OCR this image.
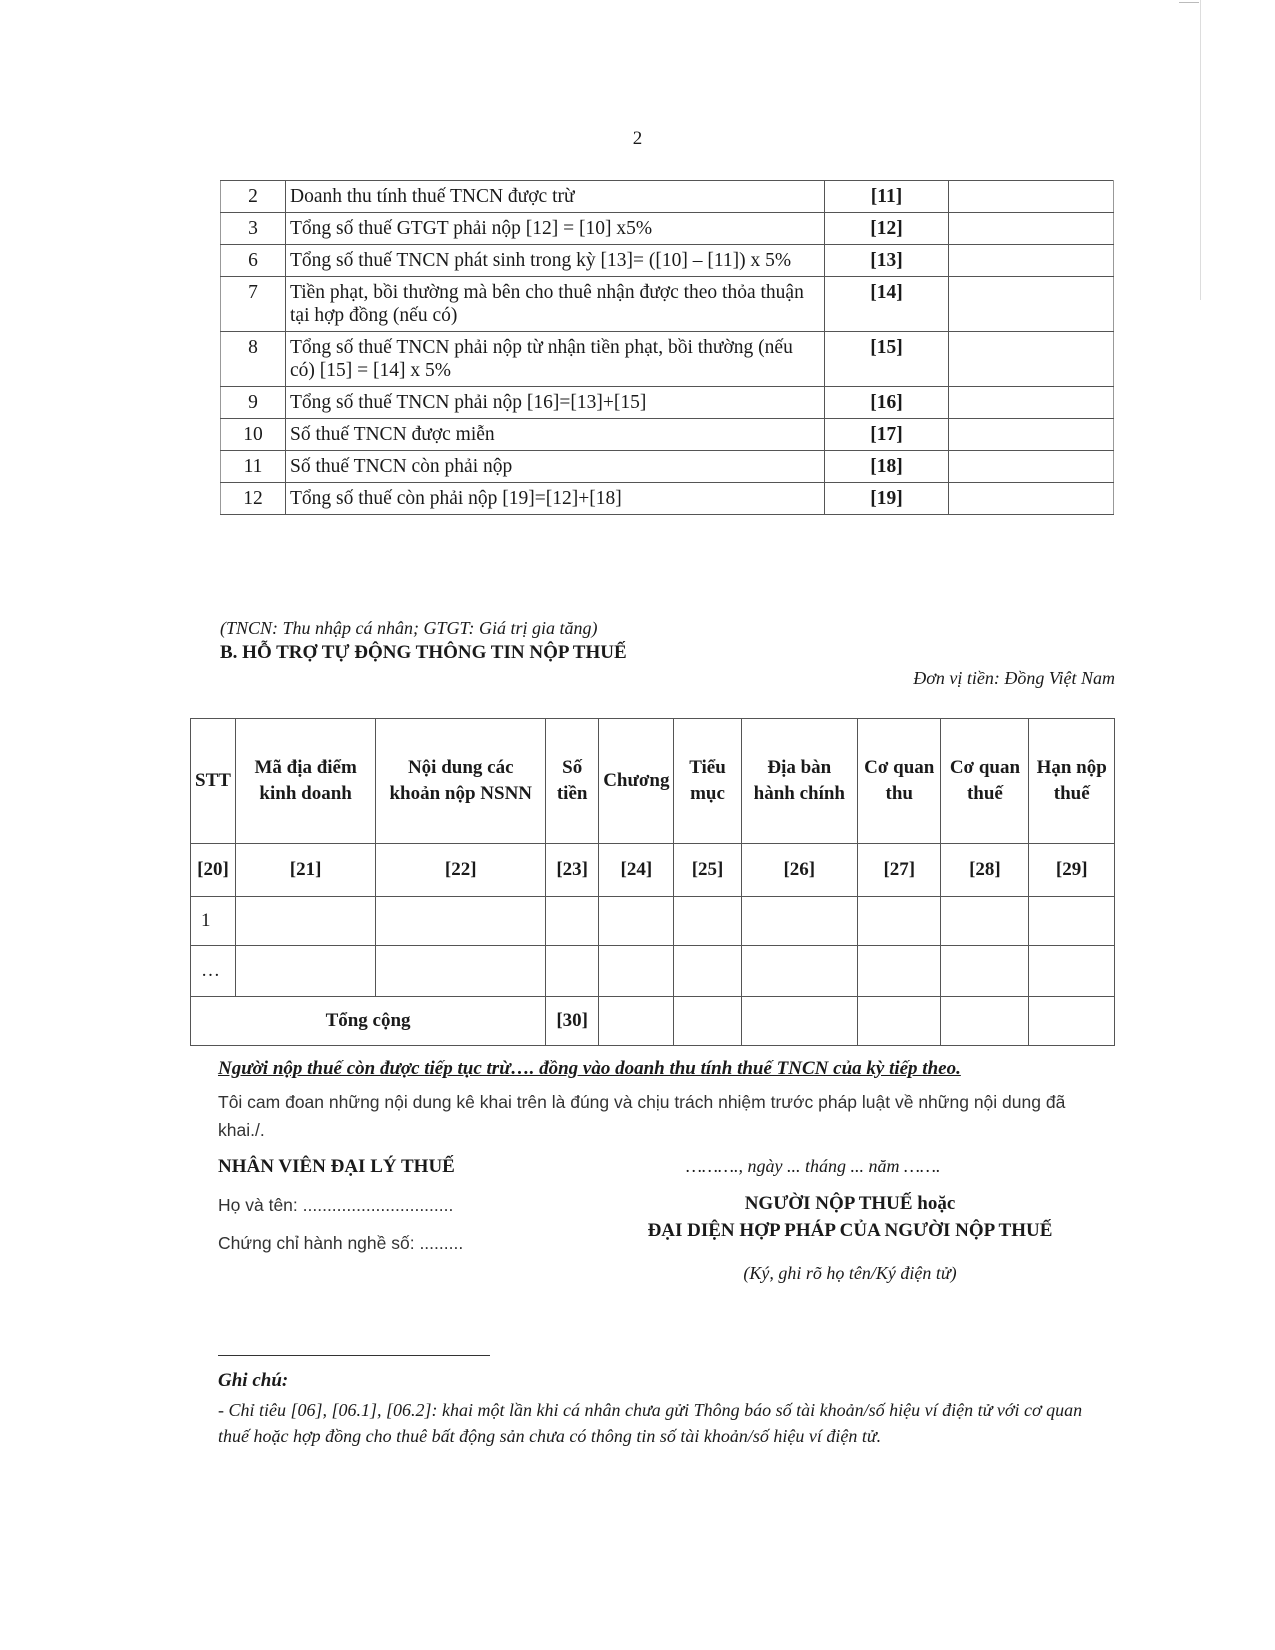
2
2	Doanh thu tính thuế TNCN được trừ	[11]	
3	Tổng số thuế GTGT phải nộp [12] = [10] x5%	[12]	
6	Tổng số thuế TNCN phát sinh trong kỳ [13]= ([10] – [11]) x 5%	[13]	
7	Tiền phạt, bồi thường mà bên cho thuê nhận được theo thỏa thuận tại hợp đồng (nếu có)	[14]	
8	Tổng số thuế TNCN phải nộp từ nhận tiền phạt, bồi thường (nếu có) [15] = [14] x 5%	[15]	
9	Tổng số thuế TNCN phải nộp [16]=[13]+[15]	[16]	
10	Số thuế TNCN được miễn	[17]	
11	Số thuế TNCN còn phải nộp	[18]	
12	Tổng số thuế còn phải nộp [19]=[12]+[18]	[19]	
(TNCN: Thu nhập cá nhân; GTGT: Giá trị gia tăng)
B. HỖ TRỢ TỰ ĐỘNG THÔNG TIN NỘP THUẾ
Đơn vị tiền: Đồng Việt Nam
STT	Mã địa điểm kinh doanh	Nội dung các khoản nộp NSNN	Số tiền	Chương	Tiểu mục	Địa bàn hành chính	Cơ quan thu	Cơ quan thuế	Hạn nộp thuế
[20]	[21]	[22]	[23]	[24]	[25]	[26]	[27]	[28]	[29]
1									
…									
Tổng cộng			[30]						
Người nộp thuế còn được tiếp tục trừ…. đồng vào doanh thu tính thuế TNCN của kỳ tiếp theo.
Tôi cam đoan những nội dung kê khai trên là đúng và chịu trách nhiệm trước pháp luật về những nội dung đã khai./.
NHÂN VIÊN ĐẠI LÝ THUẾ
Họ và tên: ...............................
Chứng chỉ hành nghề số: .........
………., ngày ... tháng ... năm …….
NGƯỜI NỘP THUẾ hoặc
ĐẠI DIỆN HỢP PHÁP CỦA NGƯỜI NỘP THUẾ
(Ký, ghi rõ họ tên/Ký điện tử)
Ghi chú:
- Chỉ tiêu [06], [06.1], [06.2]: khai một lần khi cá nhân chưa gửi Thông báo số tài khoản/số hiệu ví điện tử với cơ quan thuế hoặc hợp đồng cho thuê bất động sản chưa có thông tin số tài khoản/số hiệu ví điện tử.
